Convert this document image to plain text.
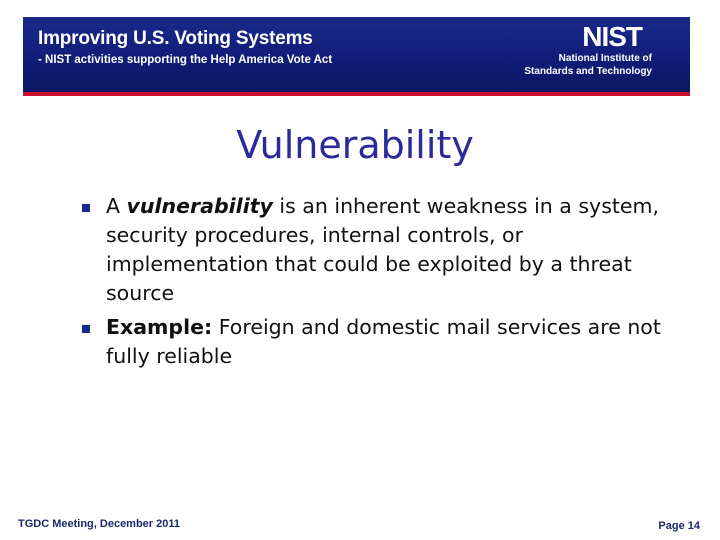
Improving U.S. Voting Systems
- NIST activities supporting the Help America Vote Act
NIST
National Institute of
Standards and Technology
Vulnerability
A vulnerability is an inherent weakness in a system, security procedures, internal controls, or implementation that could be exploited by a threat source
Example: Foreign and domestic mail services are not fully reliable
TGDC Meeting, December 2011	Page 14
